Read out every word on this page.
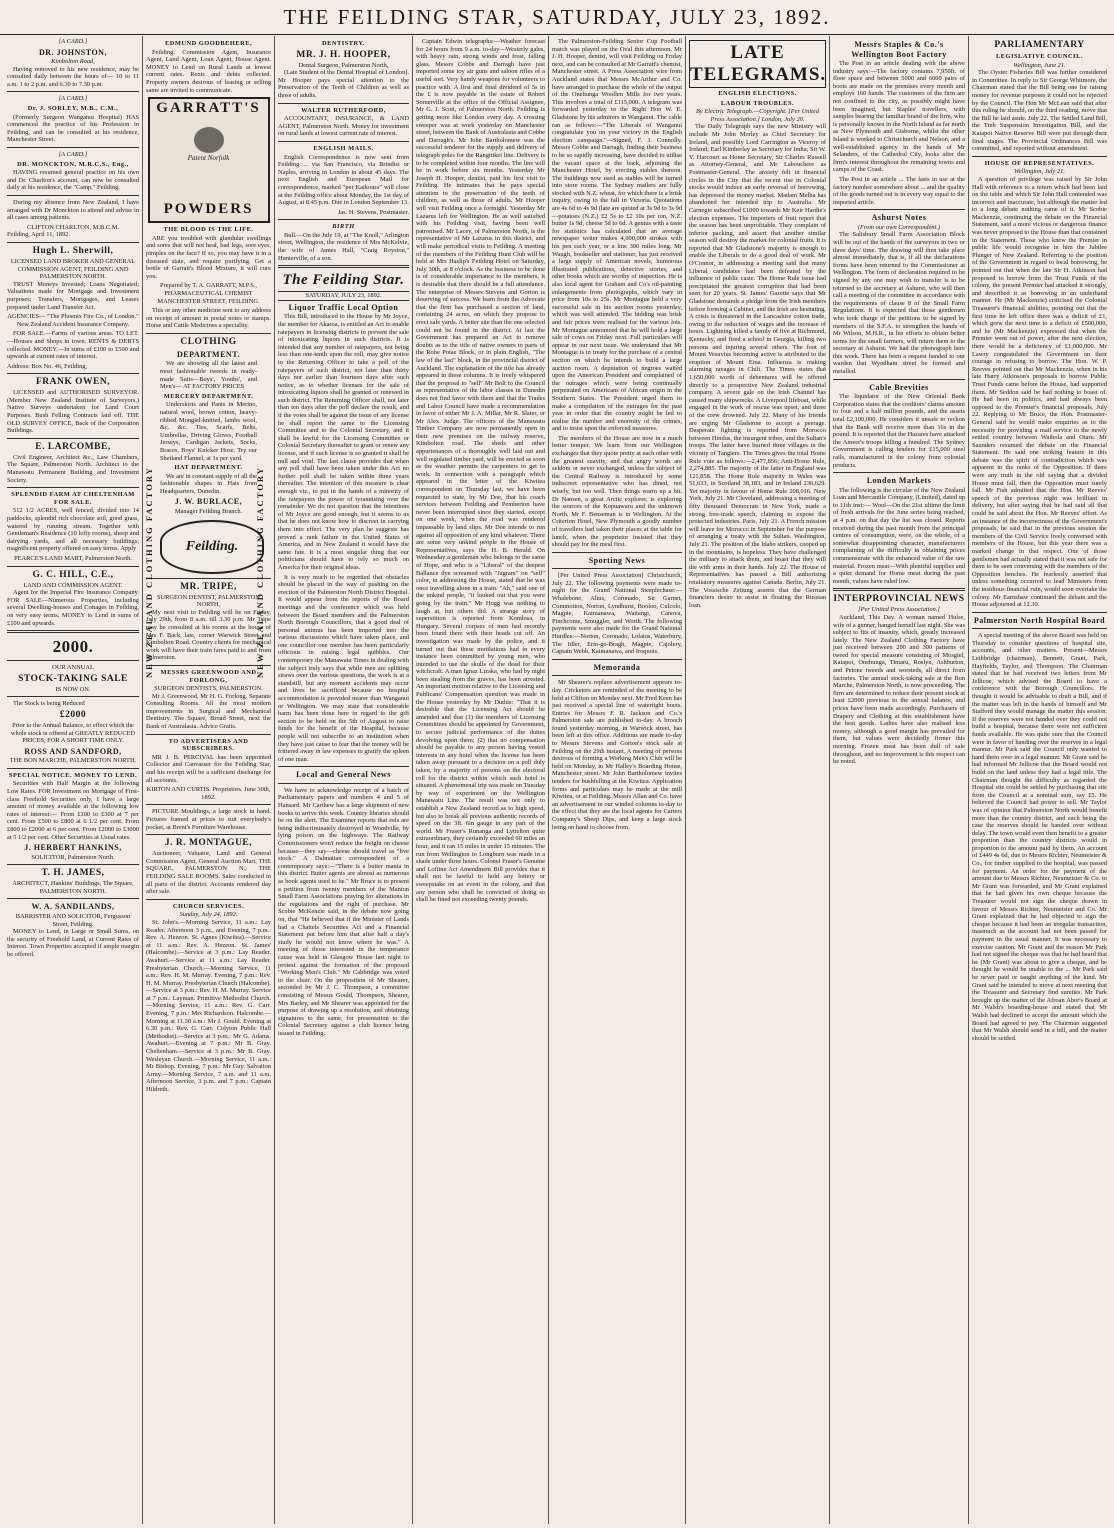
THE FEILDING STAR, SATURDAY, JULY 23, 1892.
[A CARD.]
DR. JOHNSTON,
Kimbolton Road,

Having removed to his new residence, may be consulted daily between the hours of— 10 to 11 a.m. 1 to 2 p.m. and 6.30 to 7.30 p.m.

[A CARD.]
Dr. J. SORLEY, M.B., C.M.,

(Formerly Surgeon Wanganui Hospital) HAS commenced the practice of his Profession in Feilding, and can be consulted at his residence, Manchester Street.

[A CARD.]
DR. MONCKTON, M.R.C.S., Eng.,

HAVING resumed general practice on his own and Dr. Charlton's account, can now be consulted daily at his residence, the "Camp," Feilding.

During my absence from New Zealand, I have arranged with Dr Monckton to attend and advise in all cases among patients.

CLIFTON CHARLTON, M.B.C.M.
Feilding, April 11, 1892.
Hugh L. Sherwill,
LICENSED LAND BROKER AND GENERAL COMMISSION AGENT, FEILDING AND PALMERSTON NORTH.

TRUST Moneys Invested; Loans Negotiated; Valuations made for Mortgage and Investment purposes; Transfers, Mortgages, and Leases prepared under Land Transfer Act.

AGENCIES— "The Phoenix Fire Co., of London." New Zealand Accident Insurance Company.

FOR SALE.—Farms of various areas. TO LET.—Houses and Shops in town. RENTS & DEBTS collected. MONEY.—In sums of £100 to £500 and upwards at current rates of interest.

Address: Box No. 46, Feilding,
FRANK OWEN,

LICENSED and AUTHORISED SURVEYOR. (Member New Zealand Institute of Surveyors.) Native Surveys undertaken for Land Court Purposes. Bush Felling Contracts laid off. THE OLD SURVEY OFFICE, Back of the Corporation Buildings.

E. LARCOMBE,

Civil Engineer, Architect &c., Law Chambers, The Square, Palmerston North. Architect to the Manawatu Permanent Building and Investment Society.

SPLENDID FARM AT CHELTENHAM FOR SALE.

512 1/2 ACRES, well fenced, divided into 14 paddocks, splendid rich chocolate soil, good grass, watered by running stream. Together with Gentleman's Residence (10 lofty rooms), sheep and dairying yards, and all necessary buildings; magnificent property offered on easy terms. Apply

PEARCE'S LAND MART, Palmerston North.
G. C. HILL, C.E.,
LAND AND COMMISSION AGENT.

Agent for the Imperial Fire Insurance Company. FOR SALE—Numerous Properties, including several Dwelling-houses and Cottages in Feilding, on very easy terms. MONEY to Lend in sums of £100 and upwards.

2000.
OUR ANNUAL
STOCK-TAKING SALE
IS NOW ON.

The Stock is being Reduced

£2000

Prior to the Annual Balance, to effect which the whole stock is offered at GREATLY REDUCED PRICES, FOR A SHORT TIME ONLY.

ROSS AND SANDFORD,
THE BON MARCHE, PALMERSTON NORTH.
SPECIAL NOTICE. MONEY TO LEND.

Securities with Half Margin at the following Low Rates. FOR Investment on Mortgage of First-class Freehold Securities only, I have a large amount of money available at the following low rates of interest:— From £100 to £300 at 7 per cent. From £500 to £800 at 6 1/2 per cent. From £800 to £2000 at 6 per cent. From £2000 to £3000 at 5 1/2 per cent. Other Securities at Usual rates.

J. HERBERT HANKINS,
SOLICITOR, Palmerston North.
T. H. JAMES,
ARCHITECT, Hankins' Buildings, The Square, PALMERSTON NORTH.
W. A. SANDILANDS,
BARRISTER AND SOLICITOR, Fergusson Street, Feilding.

MONEY to Lend, in Large or Small Sums, on the security of Freehold Land, at Current Rates of Interest. Town Properties accepted if ample margin be offered.

EDMUND GOODBEHERE,

Feilding. Commission Agent, Insurance Agent, Land Agent, Loan Agent, House Agent. MONEY to Lend on Rural Lands at lowest current rates. Rents and debts collected. Property owners desirous of leasing or selling same are invited to communicate.

GARRATT'S
Patent Norfolk
POWDERS
THE BLOOD IS THE LIFE.

ARE you troubled with glandular swellings and sores that will not heal, bad legs, sore eyes, pimples on the face? If so, you may have it in a diseased state, and require purifying. Get a bottle of Garratt's Blood Mixture, it will cure you.

Prepared by T. A. GARRATT, M.P.S., PHARMACEUTICAL CHEMIST MANCHESTER STREET, FEILDING.

This or any other medicine sent to any address on receipt of amount in postal notes or stamps. Horse and Cattle Medicines a speciality.

NEW ZEALAND CLOTHING FACTORY	NEW ZEALAND CLOTHING FACTORY
CLOTHING
DEPARTMENT.

We are showing all the latest and most fashionable tweeds in ready-made Suits—Boys', Youths', and Men's— AT FACTORY PRICES

MERCERY DEPARTMENT.

Underskirts and Pants in Merino, natural wool, brown cotton, heavy-ribbed Mongiel-knitted, lambs wool, &c. &c. Ties, Scarfs, Belts, Umbrellas, Driving Gloves, Football Jerseys, Cardigan Jackets, Socks, Braces, Boys' Knicker Hose. Try our Shetland Flannel, at 1s per yard.

HAT DEPARTMENT.

We are in constant supply of all the fashionable shapes in Hats from Headquarters, Dunedin.

J. W. BURLACE,
Manager Feilding Branch.
Feilding.
MR. TRIPE,
SURGEON DENTIST, PALMERSTON NORTH,

My next visit to Feilding will be on Friday, July 29th, from 8 a.m. till 3.30 p.m. Mr Tripe may be consulted at his rooms at the house of Mrs F. Back, late, corner Warwick Street and Kimbolton Road. Country clients for mechanical work will have their train fares paid to and from Palmerston.

MESSRS GREENWOOD AND FORLONG,
SURGEON DENTISTS, PALMERSTON.

Mr J. Greenwood, Mr H. G. Forlong. Separate Consulting Rooms. All the most modern improvements in Surgical and Mechanical Dentistry. The Square, Broad Street, next the Bank of Australasia. Advice Gratis.

TO ADVERTISERS AND SUBSCRIBERS.

MR J. B. PERCIVAL has been appointed Collector and Canvasser for the Feilding Star, and his receipt will be a sufficient discharge for all accounts.

KIRTON AND CURTIS. Proprietors. June 30th, 1892.

PICTURE Mouldings, a large stock in hand. Pictures framed at prices to suit everybody's pocket, at Brent's Furniture Warehouse.

J. R. MONTAGUE,

Auctioneer, Valuator, Land and General Commission Agent, General Auction Mart, THE SQUARE, PALMERSTON N., THE FEILDING SALE ROOMS. Sales conducted in all parts of the district. Accounts rendered day after sale.

CHURCH SERVICES.
Sunday, July 24, 1892.

St. John's.—Morning Service, 11 a.m.: Lay Reader. Afternoon 3 p.m., and Evening, 7 p.m.: Rev. A. Hezeon. St. Agnes (Kiwitea).—Service at 11 a.m.: Rev. A. Hezeon. St. James' (Halcombe).—Service at 3 p.m.: Lay Reader. Awahuri.—Service at 11 a.m.: Lay Reader. Presbyterian Church.—Morning Service, 11 a.m.: Rev. H. M. Murray. Evening, 7 p.m.: Rev. H. M. Murray. Presbyterian Church (Halcombe).—Service at 3 p.m.: Rev. H. M. Murray. Service at 7 p.m.: Layman. Primitive Methodist Church.—Morning Service, 11 a.m.: Rev. G. Carr. Evening, 7 p.m.: Mrs Richardson. Halcombe.—Morning at 11.30 a.m.: Mr J. Gould. Evening at 6.30 p.m.: Rev. G. Carr. Colyton Public Hall (Methodist).—Service at 3 p.m.: Mr G. Adams. Awahuri.—Evening at 7 p.m.: Mr B. Gray. Cheltenham.—Service at 3 p.m.: Mr B. Gray. Wesleyan Church.—Morning Service, 11 a.m.: Mr Bishop. Evening, 7 p.m.: Mr Guy. Salvation Army.—Morning Service, 7 a.m. and 11 a.m. Afternoon Service, 3 p.m. and 7 p.m.: Captain Hildreth.

DENTISTRY.
MR. J. H. HOOPER,
Dental Surgeon, Palmerston North,

(Late Student of the Dental Hospital of London). Mr Hooper pays special attention to the Preservation of the Teeth of Children as well as those of adults.

WALTER RUTHERFORD,

ACCOUNTANT, INSURANCE, & LAND AGENT, Palmerston North. Money for investment on rural lands at lowest current rate of interest.

ENGLISH MAILS.

English Correspondence is now sent from Feilding ... via San Francisco, via Brindisi or Naples, arriving in London in about 45 days. The next English and European Mail for correspondence, marked "per Kaikoura" will close at the Feilding office about Monday, the 1st day of August, at 8.45 p.m. Due in London September 13.

Jas. H. Stevens, Postmaster.
BIRTH

Bull.—On the July 19, at "The Knoll," Arlington street, Wellington, the residence of Mrs McKelvie, the wife of James Hall, "Craig Royston," Hunterville, of a son.

The Feilding Star.
SATURDAY, JULY 23, 1892.
Liquor Traffic Local Option

This Bill, introduced to the House by Mr Joyce, the member for Akaroa, is entitled an Act to enable ratepayers in licensing districts to prevent the sale of intoxicating liquors in such districts. It is intended that any number of ratepayers, not being less than one-tenth upon the roll, may give notice to the Returning Officer to take a poll of the ratepayers of such district, not later than thirty days nor earlier than fourteen days after such notice, as to whether licenses for the sale of intoxicating liquors shall be granted or renewed in such district. The Returning Officer shall, not later than ten days after the poll declare the result, and if the votes shall be against the issue of any license he shall report the same to the Licensing Committee and to the Colonial Secretary, and it shall be lawful for the Licensing Committee or Colonial Secretary thereafter to grant or renew any license, and if such license is so granted it shall be null and void. The last clause provides that when any poll shall have been taken under this Act no further poll shall be taken within three years thereafter. The intention of this measure is clear enough viz., to put in the hands of a minority of the ratepayers the power of tyrannising over the remainder. We do not question that the intentions of Mr Joyce are good enough, but it seems to us that he does not know how to discreet in carrying them into effect. The very plan he suggests has proved a rank failure in the United States of America, and in New Zealand it would have the same fate. It is a most singular thing that our politicians should have to rely so much on America for their original ideas.

It is very much to be regretted that obstacles should be placed in the way of pushing on the erection of the Palmerston North District Hospital. It would appear from the reports of the Board meetings and the conference which was held between the Board members and the Palmerston North Borough Councillors, that a good deal of personal animus has been imported into the various discussions which have taken place, and one councillor one member has been particularly officious in raising legal quibbles. Our contemporary the Manawatu Times in dealing with the subject truly says that while men are splitting straws over the various questions, the work is at a standstill, but any moment accidents may occur and lives be sacrificed because no hospital accommodation is provided nearer than Wanganui or Wellington. We may state that considerable harm has been done here in regard to the gift section to be held on the 5th of August to raise funds for the benefit of the Hospital, because people will not subscribe to an institution when they have just cause to fear that the money will be frittered away in law expenses to gratify the spleen of one man.

Local and General News

We have to acknowledge receipt of a batch of Parliamentary papers and numbers 4 and 5 of Hansard. Mr Carthew has a large shipment of new books to arrive this week. Country libraries should be on the alert. The Examiner reports that eels are being indiscriminately destroyed in Woodville, by lying poison on the highways. The Railway Commissioners won't reduce the freight on cheese because—they say—cheese should travel as "live stock." A Dalmatian correspondent of a contemporary says:—"There is a butter mania in this district. Butter agents are almost as numerous as book agents used to be." Mr Bruce is to present a petition from twenty members of the Manton Small Farm Associations praying for alterations in the regulations and the right of purchase. Mr Scobie McKenzie said, in the debate now going on, that "He believed that if the Minister of Lands had a Chattels Securities Act and a Financial Statement put before him that after half a day's study he would not know where he was." A meeting of those interested in the temperance cause was held in Glasgow House last night to protest against the formation of the proposed "Working Men's Club." Mr Cabbridge was voted to the chair. On the proposition of Mr Shearer, seconded by Mr J. C. Thompson, a committee consisting of Messrs Gould, Thompson, Shearer, Mrs Barley, and Mr Shearer was appointed for the purpose of drawing up a resolution, and obtaining signatures to the same, for presentation to the Colonial Secretary against a club licence being issued in Feilding.

Captain Edwin telegraphs:—Weather forecast for 24 hours from 9 a.m. to-day—Westerly gales, with heavy rain, strong winds and frost, falling glass. Messrs Cobbe and Darragh have just imported some toy air guns and saloon rifles of a useful sort. Very handy weapons for volunteers to practice with. A first and final dividend of 5s in the £ is now payable in the estate of Robert Somerville at the office of the Official Assignee, Mr G. J. Scott, of Palmerston North. Feilding is getting more like London every day. A crossing sweeper was at work yesterday on Manchester street, between the Bank of Australasia and Cobbe and Darragh's. Mr John Bartholomew was the successful tenderer for the supply and delivery of telegraph poles for the Rangitikei line. Delivery is to be completed within four months. The line will be in work before six months. Yesterday Mr Joseph H. Hooper, dentist, paid his first visit to Feilding. He intimates that he pays special attention to the preservation of the teeth of children, as well as those of adults. Mr Hooper will visit Feilding once a fortnight. Yesterday Mr Lazarus left for Wellington. He as well satisfied with his Feilding visit, having been well patronised. Mr Lacey, of Palmerston North, is the representative of Mr Lazarus in this district, and will make periodical visits to Feilding. A meeting of the members of the Feilding Hunt Club will be held at Mrs Haslip's Feilding Hotel on Saturday, July 30th, at 8 o'clock. As the business to be done is of considerable importance to the members, it is desirable that there should be a full attendance. The enterprise of Messrs Stevens and Gorton is deserving of success. We learn from the Advocate that the firm has purchased a section of land, containing 24 acres, on which they propose to erect sale yards. A better site than the one selected could not be found in the district. At last the Government has prepared an Act to remove doubts as to the title of native owners to parts of the Rohe Potae Block, or in plain English, "The law of the last" block, in the provincial district of Auckland. The explanation of the title has already appeared in these columns. It is freely whispered that the proposal to "sell" Mr Bolt to the Council as representative of the labor classes in Dunedin does not find favor with them and that the Trades and Labor Council have made a recommendation in favor of either Mr J. A. Millar, Mr R. Slater, or Mr Alex. Judge. The officers of the Manawatu Timber Company are now permanently open in their new premises on the railway reserve, Kimbolton road. The sheds and other appurtenances of a thoroughly well laid out and well regulated timber yard, will be erected as soon as the weather permits the carpenters to get to work. In connection with a paragraph which appeared in the letter of the Kiwitea correspondent on Thursday last, we have been requested to state, by Mr Doe, that his coach services between Feilding and Pemberton have never been interrupted since they started, except on one week, when the road was rendered impassable by land slips. Mr Doe intends to run against all opposition of any kind whatever. There are some very unkind people in the House of Representatives, says the H. B. Herald. On Wednesday a gentleman who belongs to the same of Hope, and who is a "Liberal" of the deepest Ballance dye screamed with "Jagram" on "self" color, in addressing the House, stated that he was once travelling alone in a train. "Ah," said one of the unkind people, "it looked out that you were going by the train." Mr Hogg was nothing to laugh at, but others did. A strange story of superstition is reported from Komlosa, in Hungary. Several corpses of men had recently been found there with their heads cut off. An investigation was made by the police, and it turned out that these mutilations had in every instance been committed by young men, who intended to use the skulls of the dead for their witchcraft. A man Ignaz Lizaka, who had by night been stealing from the graves, has been arrested. An important motion relative to the Licensing and Publicans' Compensation question was made in the House yesterday by Mr Duthie: "That it is desirable that the Licensing Act should be amended and that (1) the members of Licensing Committees should be appointed by Government, to secure judicial performance of the duties devolving upon them; (2) that no compensation should be payable to any person having vested interests in any hotel when the license has been taken away pursuant to a decision on a poll duly taken, by a majority of persons on the electoral roll for the district within which such hotel is situated. A phenomenal trip was made on Tuesday by way of experiment on the Wellington Manawatu Line. The result was not only to establish a New Zealand record as to high speed, but also to break all previous authentic records of speed on the 3ft. 6in gauge in any part of the world. Mr Fraser's Runanga and Lyttelton quite extraordinary, they certainly exceeded 60 miles an hour, and it ran 15 miles in under 15 minutes. The run from Wellington to Longburn was made in a shade under three hours. Colonel Fraser's Genuine and Loftine Act Amendment Bill provides that it shall not be lawful to hold any lottery or sweepstake on an event in the colony, and that any person who shall be convicted of doing so shall be fined not exceeding twenty pounds.

The Palmerston-Feilding Senior Cup Football match was played on the Oval this afternoon. Mr J. H. Hooper, dentist, will visit Feilding on Friday next, and can be consulted at Mr Garratt's chemist, Manchester street. A Press Association wire from Auckland states that Messrs McArthur and Co. have arranged to purchase the whole of the output of the Onehunga Woollen Mills for two years. This involves a total of £115,000. A telegram was forwarded yesterday to the Right Hon W. E. Gladstone by his admirers in Wanganui. The cable ran as follows:—"The Liberals of Wanganui congratulate you on your victory in the English election campaign."—Signed, F. J. Connolly. Messrs Cobbe and Darragh, finding their business to be so rapidly increasing, have decided to utilise the vacant space at the back, adjoining the Manchester Hotel, by erecting stables thereon. The buildings now used as stables will be turned into store rooms. The Sydney mailers are fully stocked with N.Z. wheat, for which there is a brisk inquiry, owing to the fall in Victoria. Quotations are 4s 6d to 4s 9d (late are quoted at 3s 9d to 3s 9d—potatoes (N.Z.) £2 5s to £2 10s per ton, N.Z. butter 1s 9d, cheese 5d to 6d. A genius with a taste for statistics has calculated that an average newspaper writer makes 4,000,000 strokes with his pen each year, or a line 300 miles long. Mr Waugh, bookseller and stationer, has just received a large supply of American novels, humorous illustrated publications, detective stories, and other books which are worthy of inspection. He is also local agent for Graham and Co's oil-painting enlargements from photographs, which vary in price from 10s to 25s. Mr Montague held a very successful sale in his auction rooms yesterday, which was well attended. The bidding was brisk and fair prices were realised for the various lots. Mr Montague announced that he will hold a large sale of cows on Friday next. Full particulars will appear in our next issue. We understand that Mr Montague is in treaty for the purchase of a central section on which he intends to build a large auction room. A deputation of negroes waited upon the American President and complained of the outrages which were being continually perpetrated on Americans of African origin in the Southern States. The President urged them to make a compilation of the outrages for the past year in order that the country might be led to realise the number and enormity of the crimes, and to insist upon the enforced measures.

The members of the House are now in a much better temper. We learn from our Wellington exchanges that they quote pretty at each other with the greatest suavity, and that angry words are seldom or never exchanged, unless the subject of the Central Railway is introduced by some indiscreet representative who has dined, not wisely, but too well. Then things warm up a bit. Dr Nansen, a great Arctic explorer, is exploring the sources of the Kopuawaru and the unknown North. Mr F. Benseman is in Wellington. At the Criterion Hotel, New Plymouth a goodly number of travellers had taken their places at the table for lunch, when the proprietor insisted that they should pay for the meal first.

Sporting News

[Per United Press Association] Christchurch, July 22. The following payments were made to-night for the Grand National Steeplechase:—Whalebone, Altus, Coronado, Sir Garnet, Commotion, Norton, Lyndhurst, Booloo, Culcolo, Magpie, Kaimanawa, Waitangi, Canova, Pinchcome, Smuggler, and Worth. The following payments were also made for the Grand National Hurdles:—Norton, Coronado, Lolaius, Waterbury, The Idler, Erin-go-Bragh, Magpie, Cajolery, Captain Webb, Kaimanawa, and Iroquois.

Memoranda

Mr Shearer's replace advertisement appears to-day. Cricketers are reminded of the meeting to be held at Clifton on Monday next. Mr Fred Keen has just received a special line of watertight boots. Entries for Messrs F. R. Jackson and Co.'s Palmerston sale are published to-day. A brooch found yesterday morning, in Warwick street, has been left at this office. Additions are made to-day to Messrs Stevens and Gorton's stock sale at Feilding on the 29th instant. A meeting of persons desirous of forming a Working Men's Club will be held on Monday, in Mr Halley's Boarding House, Manchester street. Mr John Bartholomew invites tenders for bushfelling at the Kiwitea. Application forms and particulars may be made at the mill Kiwitea, or at Feilding. Messrs Allan and Co. have an advertisement in our winded columns to-day to the effect that they are the local agents for Carters Company's Sheep Dips, and keep a large stock being on hand to choose from.

LATE TELEGRAMS.
ENGLISH ELECTIONS.
LABOUR TROUBLES.
By Electric Telegraph.—Copyright. [Per United Press Association.] London, July 20.

The Daily Telegraph says the new Ministry will include Mr John Morley as Chief Secretary for Ireland, and possibly Lord Carrington as Viceroy of Ireland; Earl Kimberley as Secretary for India; Sir W. V. Harcourt as Home Secretary, Sir Charles Russell as Attorney-General, and Mr Labouchere as Postmaster-General. The anxiety felt in financial circles in the City that the recent rise in Colonial stocks would induce an early reversal of borrowing, has depressed the money market. Madam Melba has abandoned her intended trip to Australia. Mr Carnegie subscribed £1000 towards Mr Keir Hardie's election expenses. The importers of fruit report that the season has been unprofitable. They complain of inferior packing, and assert that another similar season will destroy the market for colonial fruits. It is reported that Mr Gladstone's majority is enough to enable the Liberals to do a good deal of work. Mr O'Connor, in addressing a meeting said that many Liberal candidates had been defeated by the influence of public caste. The Home Rule issue had precipitated the greatest corruption that had been seen for 20 years. St. James' Gazette says that Mr Gladstone demands a pledge from the Irish members before forming a Cabinet, and the Irish are hesitating. A crisis is threatened in the Lancashire cotton trade, owing to the reduction of wages and the increase of hours. Lightning killed a family of five at Richmond, Kentucky, and fired a school in Georgia, killing two persons and injuring several others. The foot of Mount Vesuvius becoming active is attributed to the eruption of Mount Etna. Influenza is making alarming ravages in Chili. The Times states that 1,650,000 worth of debentures will be offered directly to a prospective New Zealand industrial company. A severe gale on the Irish Channel has caused many shipwrecks. A Liverpool lifeboat, while engaged in the work of rescue was upset, and three of the crew drowned. July 22. Many of his friends are urging Mr Gladstone to accept a peerage. Desperate fighting is reported from Morocco between Hindus, the insurgent tribes, and the Sultan's troops. The latter have burned three villages in the vicinity of Tangiers. The Times gives the total Home Rule vote as follows:—2,477,856; Anti-Home Rule, 2,274,885. The majority of the latter in England was 121,858. The Home Rule majority in Wales was 51,633, in Scotland 38,183, and in Ireland 236,629. Yet majority in favour of Home Rule 208,016. New York, July 21. Mr Cleveland, addressing a meeting of fifty thousand Democrats in New York, made a strong free-trade speech, claiming to expose the protected industries. Paris, July 21. A French mission will leave for Morocco in September for the purpose of arranging a treaty with the Sultan. Washington, July 21. The position of the Idaho strikers, cooped up in the mountains, is hopeless. They have challenged the military to attack them, and boast that they will die with arms in their hands. July 22. The House of Representatives has passed a Bill authorising retaliatory measures against Canada. Berlin, July 21. The Vossische Zeitung asserts that the German financiers desire to assist in floating the Russian loan.

Messrs Staples & Co.'s Wellington Boot Factory

The Post in an article dealing with the above industry says:—The factory contains 7,950ft. of floor space and between 5000 and 6000 pairs of boots are made on the premises every month and employs 160 hands. The customers of the firm are not confined to the city, as possibly might have been imagined, but Staples' travellers, with samples bearing the familiar brand of the firm, who is personally known in the North Island as far north as New Plymouth and Gisborne, whilst the other Island is worked to Christchurch and Nelson, and a well-established agency in the hands of Mr Selanders, of the Cathedral City, looks after the firm's interest throughout the remaining towns and camps of the Coast.

The Post in an article ... The lasts in use at the factory number somewhere about ... and the quality of the goods turned out is in every way equal to the imported article.

Ashurst Notes
(From our own Correspondent.)

The Salisbury Small Farm Association Block will be out of the hands of the surveyors in two or three days' time. The drawing will then take place almost immediately, that is, if all the declarations forms have been returned to the Commissioner at Wellington. The form of declaration required to be signed by any one may wish to transfer is to be returned to the secretary at Ashurst, who will then call a meeting of the committee in accordance with the requirements of clause 8 of the Small Farm Regulations. It is expected that those gentlemen who took charge of the petitions to be signed by members of the S.F.A. to strengthen the hands of Mr Wilson, M.H.R., in his efforts to obtain better terms for the small farmers, will return them to the secretary at Ashurst. We had the phonograph here this week. There has been a request handed to our warden that Wyndham street be formed and metalled.

Cable Brevities

The liquidator of the New Oriental Bank Corporation states that the creditors' claims amount to four and a half million pounds, and the assets total £2,100,000. He considers it unsafe to reckon that the Bank will receive more than 16s in the pound. It is reported that the Hazares have attacked the Ameer's troops killing a hundred. The Sydney Government is calling tenders for £15,000 steel rails, manufactured in the colony from colonial products.

London Markets

The following is the circular of the New Zealand Loan and Mercantile Company, (Limited), dated up to 11th inst:— Wool—On the 21st ultimo the limit of fresh arrivals for the June series being reached, at 4 p.m. on that day the list was closed. Reports received during the past month from the principal centres of consumption, were, on the whole, of a somewhat disappointing character, manufacturers complaining of the difficulty in obtaining prices commensurate with the enhanced value of the raw material. Frozen meat—With plentiful supplies and a quiet demand for Home meat during the past month, values have ruled low.

INTERPROVINCIAL NEWS
[Per United Press Association.]

Auckland, This Day. A woman named Hulse, wife of a gunner, hanged herself last night. She was subject to fits of insanity, which, greatly increased lately. The New Zealand Clothing Factory have just received between 200 and 300 patterns of tweed for special measure consisting of Mosgiel, Kaiapoi, Onehunga, Timaru, Roslyn, Ashburton, and Petone tweeds and worsteds, all direct from factories. The annual stock-taking sale at the Bon Marche, Palmerston North, is now proceeding. The firm are determined to reduce their present stock at least £2000 previous to the annual balance, and prices have been made accordingly. Purchasers of Drapery and Clothing at this establishment have the best goods. Ladies have also realised less money, although a good margin has prevailed for them, but values were decidedly firmer this morning. Frozen meat has been dull of sale throughout, and no improvement is this respect can be noted.

PARLIAMENTARY
LEGISLATIVE COUNCIL.
Wellington, June 21.

The Oyster Fisheries Bill was further considered in Committee. In reply to Sir George Whitmore, the Chairman stated that the Bill being one for raising money for revenue purposes it could not be rejected by the Council. The Hon Mr McLean said that after this ruling he should, on the third reading, move that the Bill be laid aside. July 22. The Settled Land Bill, the Treb Suspension Investigation Bill, and the Kaiapoi Native Reserve Bill were put through their final stages. The Provincial Ordinances Bill was committed, and reported without amendment.

HOUSE OF REPRESENTATIVES.
Wellington, July 21.

A question of privilege was raised by Sir John Hall with reference to a return which had been laid on the table and which Sir John Hall contended was incorrect and inaccurate, but although the matter led to a long debate nothing came of it. Mr Scobie Mackenzie, continuing the debate on the Financial Statement, said a more vicious or dangerous finance was never proposed to the House than that contained in the Statement. Those who knew the Premier in public life would recognise in him the Jubilee Plunger of New Zealand. Referring to the position of the Government in regard to local borrowing, he pointed out that when the late Sir H. Atkinson had proposed to borrow from the Trust Funds of the colony, the present Premier had attacked it strongly, and described it as borrowing in an underhand manner. He (Mr Mackenzie) criticised the Colonial Treasurer's financial abilities, pointing out that the first time he left office there was a deficit of £1, which grew the next time to a deficit of £500,000, and he (Mr Mackenzie) expressed that when the Premier went out of power, after the next election, there would be a deficiency of £1,000,000. Mr Lawry congratulated the Government on their courage in refusing to borrow. The Hon. W. P. Reeves pointed out that Mr Mackenzie, when in his late Harry Atkinson's proposals to borrow Public Trust Funds came before the House, had supported them. Mr Seddon said he had nothing to boast of. He had been in politics, and had always been opposed to the Premier's financial proposals. July 22. Replying to Mr Bruce, the Hon. Postmaster-General said he would make enquiries as to the necessity for providing a mail service to the newly settled country between Waihola and Otaru. Mr Saunders resumed the debate on the Financial Statement. He said one striking feature in this debate was the spirit of contradiction which was apparent in the ranks of the Opposition. If there were any truth in the old saying that a divided House must fall, then the Opposition must surely fall. Mr Fish admitted that the Hon. Mr Reeves' speech of the previous night was brilliant in delivery, but after saying that he had said all that could be said about the Hon. Mr Reeves' effort. As an instance of the incorrectness of the Government's proposals, he said that in the previous session the members of the Civil Service freely conversed with members of the House, but this year there was a marked change in that respect. One of those gentlemen had actually stated that it was not safe for them to be seen conversing with the members of the Opposition benches. He fearlessly asserted that unless something occurred to lead Ministers from the insidious financial ruin, would soon overtake the colony. Mr Earnshaw continued the debate and the House adjourned at 12.30.

Palmerston North Hospital Board

A special meeting of the above Board was held on Thursday to consider questions of hospital site, accounts, and other matters. Present—Messrs Lethbridge (chairman), Bennett, Grant, Park, Hayfields, Taylor, and Thompson. The Chairman stated that he had received two letters from Mr Jellicoe, which advised the Board to have a conference with the Borough Councillors. He thought it would be advisable to draft a Bill, and if the matter was left in the hands of himself and Mr Stafford they would manage the matter this session. If the reserves were not handed over they could not build a hospital, because there were not sufficient funds available. He was quite sure that the Council were in favor of handing over the reserves in a legal manner. Mr Park said the Council only wanted to hand them over in a legal manner. Mr Grant said he had informed Mr Jellicoe that the Board would not build on the land unless they had a legal title. The Chairman thought the difficulty as regarded the Hospital site could be settled by purchasing that site from the Council at a nominal sum, say £5. He believed the Council had power to sell. Mr Taylor was of opinion that Palmerston North would benefit more than the country district, and each being the case the reserves should be handed over without delay. The town would even then benefit to a greater proportion than the country districts would in proportion to the amount paid by them. An account of £449 4s 6d, due to Messrs Richter, Neumeister & Co., for timber supplied to the hospital, was passed for payment. An order for the payment of the amount due to Messrs Richter, Neumeister & Co. to Mr Grant was forwarded, and Mr Grant explained that he had given his own cheque because the Treasurer would not sign the cheque drawn in favour of Messrs Richter, Neumeister and Co. Mr Grant explained that he had objected to sign the cheque because it had been an irregular transaction, inasmuch as the account had not been passed for payment in the usual manner. It was necessary to exercise caution. Mr Grant and the reason Mr Park had not signed the cheque was that he had heard that he (Mr Grant) was about to give a cheque, and he thought he would be unable to the ... Mr Park said he never paid or taught anything of the kind. Mr Grant said he intended to move at next meeting that the Treasurer and Secretary find sureties. Mr Park brought up the matter of the Afroan Abor's Board at Mr Walsh's boarding-house and stated that Mr Walsh had declined to accept the amount which the Board had agreed to pay. The Chairman suggested that Mr Walsh should send in a bill, and the matter should be settled.
